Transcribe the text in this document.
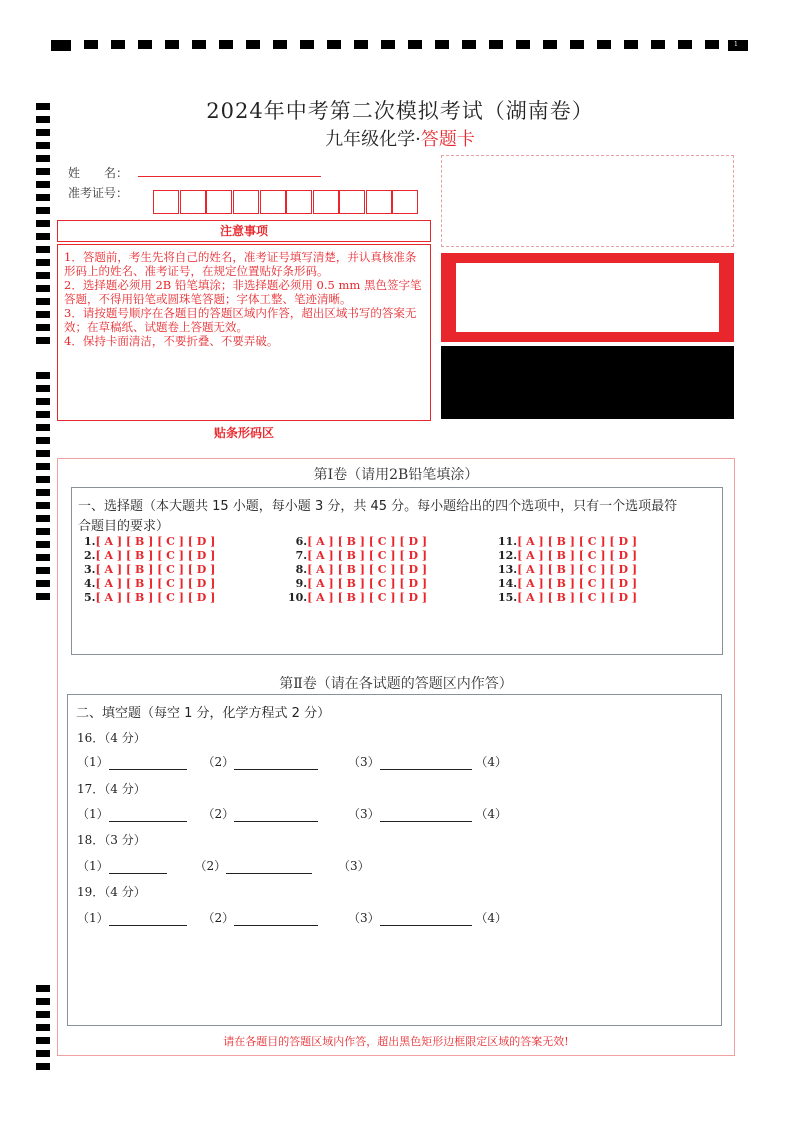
1
2024年中考第二次模拟考试（湖南卷）
九年级化学·答题卡
姓　　名：
准考证号：
注意事项

1．答题前，考生先将自己的姓名，准考证号填写清楚，并认真核准条形码上的姓名、准考证号，在规定位置贴好条形码。

2．选择题必须用 2B 铅笔填涂；非选择题必须用 0.5 mm 黑色签字笔答题，不得用铅笔或圆珠笔答题；字体工整、笔迹清晰。

3．请按题号顺序在各题目的答题区域内作答，超出区域书写的答案无效；在草稿纸、试题卷上答题无效。

4．保持卡面清洁，不要折叠、不要弄破。

贴条形码区
第Ⅰ卷（请用2B铅笔填涂）
一、选择题（本大题共 15 小题，每小题 3 分，共 45 分。每小题给出的四个选项中，只有一个选项最符
合题目的要求）
1.[ A ] [ B ] [ C ] [ D ]
2.[ A ] [ B ] [ C ] [ D ]
3.[ A ] [ B ] [ C ] [ D ]
4.[ A ] [ B ] [ C ] [ D ]
5.[ A ] [ B ] [ C ] [ D ]
6.[ A ] [ B ] [ C ] [ D ]
7.[ A ] [ B ] [ C ] [ D ]
8.[ A ] [ B ] [ C ] [ D ]
9.[ A ] [ B ] [ C ] [ D ]
10.[ A ] [ B ] [ C ] [ D ]
11.[ A ] [ B ] [ C ] [ D ]
12.[ A ] [ B ] [ C ] [ D ]
13.[ A ] [ B ] [ C ] [ D ]
14.[ A ] [ B ] [ C ] [ D ]
15.[ A ] [ B ] [ C ] [ D ]
第Ⅱ卷（请在各试题的答题区内作答）
二、填空题（每空 1 分，化学方程式 2 分）
16．（4 分）
（1）	（2）	（3）	（4）
17．（4 分）
（1）	（2）	（3）	（4）
18．（3 分）
（1）	（2）	（3）
19．（4 分）
（1）	（2）	（3）	（4）
请在各题目的答题区域内作答，超出黑色矩形边框限定区域的答案无效!
